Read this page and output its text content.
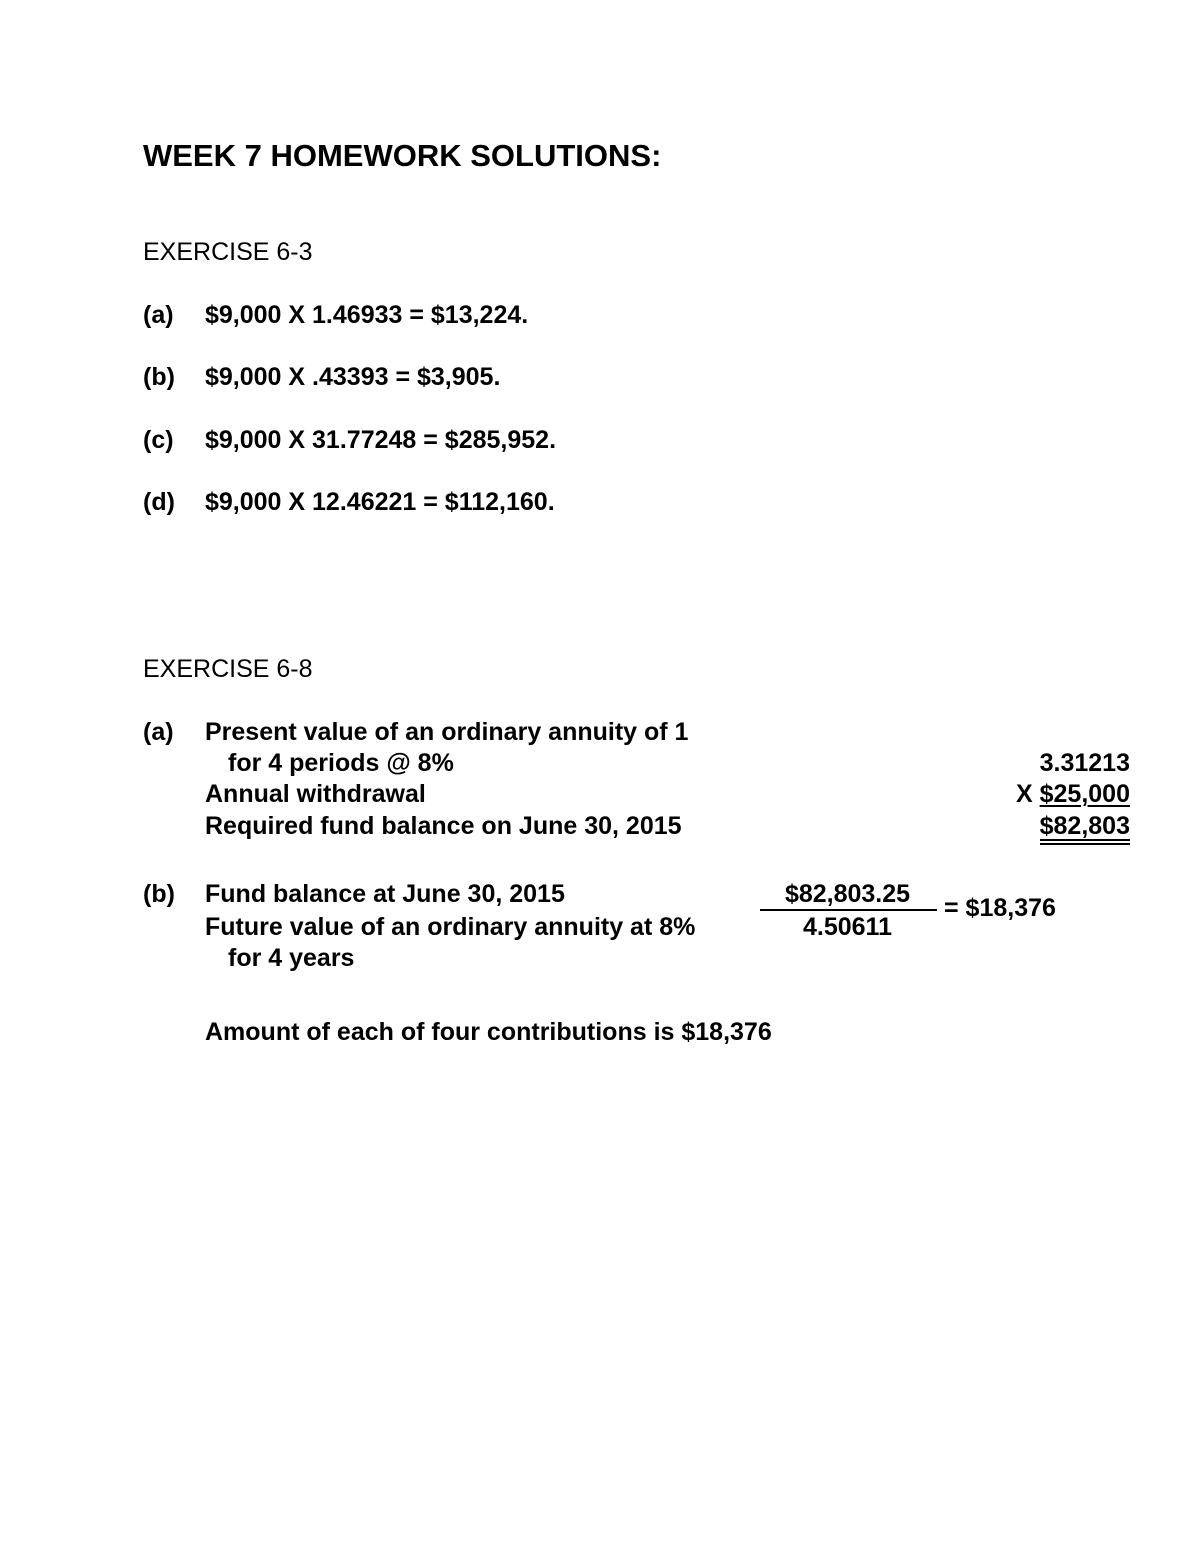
WEEK 7 HOMEWORK SOLUTIONS:
EXERCISE 6-3
(a) $9,000 X 1.46933 = $13,224.
(b) $9,000 X .43393 = $3,905.
(c) $9,000 X 31.77248 = $285,952.
(d) $9,000 X 12.46221 = $112,160.
EXERCISE 6-8
(a) Present value of an ordinary annuity of 1
for 4 periods @ 8%	3.31213
Annual withdrawal	X $25,000
Required fund balance on June 30, 2015	$82,803
(b) Fund balance at June 30, 2015
Future value of an ordinary annuity at 8%
for 4 years
$82,803.25
4.50611
= $18,376
Amount of each of four contributions is $18,376
